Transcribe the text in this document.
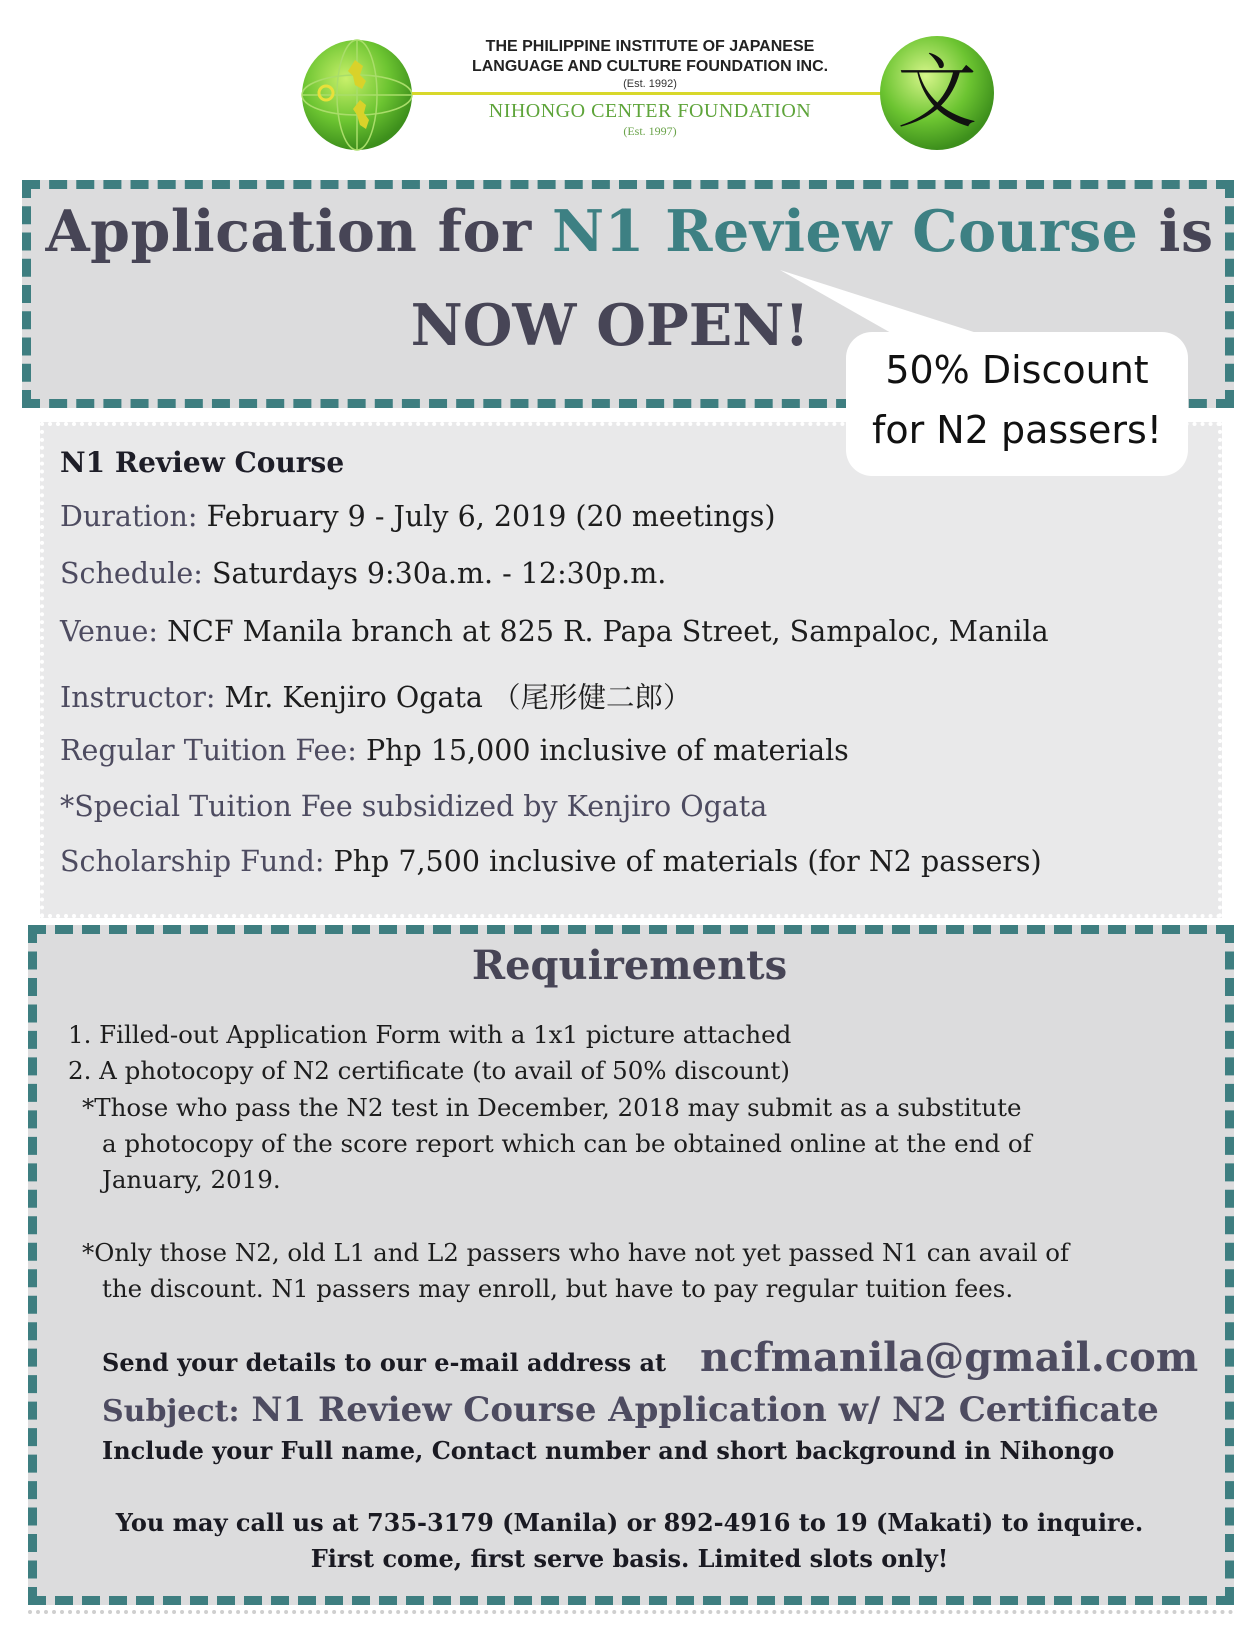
文
THE PHILIPPINE INSTITUTE OF JAPANESE
LANGUAGE AND CULTURE FOUNDATION INC.
(Est. 1992)
NIHONGO CENTER FOUNDATION
(Est. 1997)
Application for N1 Review Course is
NOW OPEN!
N1 Review Course
Duration: February 9 - July 6, 2019 (20 meetings)
Schedule: Saturdays 9:30a.m. - 12:30p.m.
Venue: NCF Manila branch at 825 R. Papa Street, Sampaloc, Manila
Instructor: Mr. Kenjiro Ogata （尾形健二郎）
Regular Tuition Fee: Php 15,000 inclusive of materials
*Special Tuition Fee subsidized by Kenjiro Ogata
Scholarship Fund: Php 7,500 inclusive of materials (for N2 passers)
50% Discount
for N2 passers!
Requirements
1. Filled-out Application Form with a 1x1 picture attached
2. A photocopy of N2 certificate (to avail of 50% discount)
*Those who pass the N2 test in December, 2018 may submit as a substitute
a photocopy of the score report which can be obtained online at the end of
January, 2019.
*Only those N2, old L1 and L2 passers who have not yet passed N1 can avail of
the discount. N1 passers may enroll, but have to pay regular tuition fees.
Send your details to our e-mail address at ncfmanila@gmail.com
Subject: N1 Review Course Application w/ N2 Certificate
Include your Full name, Contact number and short background in Nihongo
You may call us at 735-3179 (Manila) or 892-4916 to 19 (Makati) to inquire.
First come, first serve basis. Limited slots only!
